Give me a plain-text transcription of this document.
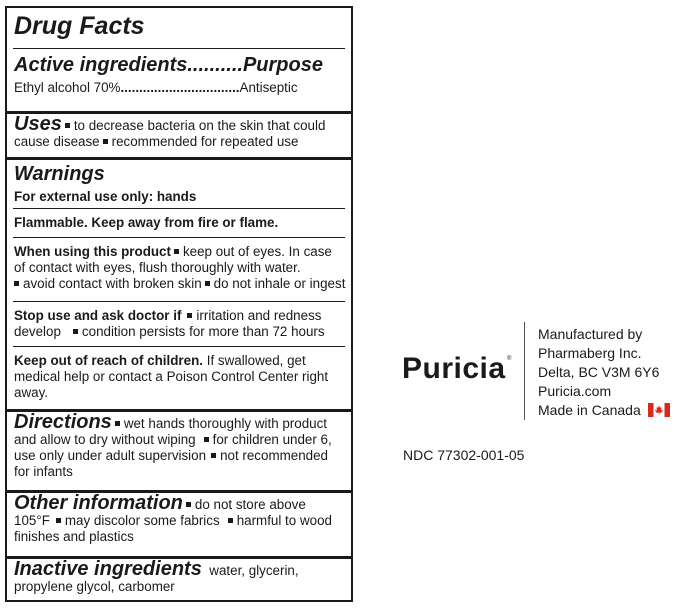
Drug Facts
Active ingredients..........Purpose
Ethyl alcohol 70%................................Antiseptic
Uses to decrease bacteria on the skin that could
cause disease recommended for repeated use
Warnings
For external use only: hands
Flammable. Keep away from fire or flame.
When using this product keep out of eyes. In case
of contact with eyes, flush thoroughly with water.
avoid contact with broken skin do not inhale or ingest
Stop use and ask doctor if irritation and redness
develop condition persists for more than 72 hours
Keep out of reach of children. If swallowed, get
medical help or contact a Poison Control Center right
away.
Directions wet hands thoroughly with product
and allow to dry without wiping for children under 6,
use only under adult supervision not recommended
for infants
Other information do not store above
105°F may discolor some fabrics harmful to wood
finishes and plastics
Inactive ingredients water, glycerin,
propylene glycol, carbomer
Puricia ®
Manufactured by
Pharmaberg Inc.
Delta, BC V3M 6Y6
Puricia.com
Made in Canada
NDC 77302-001-05
